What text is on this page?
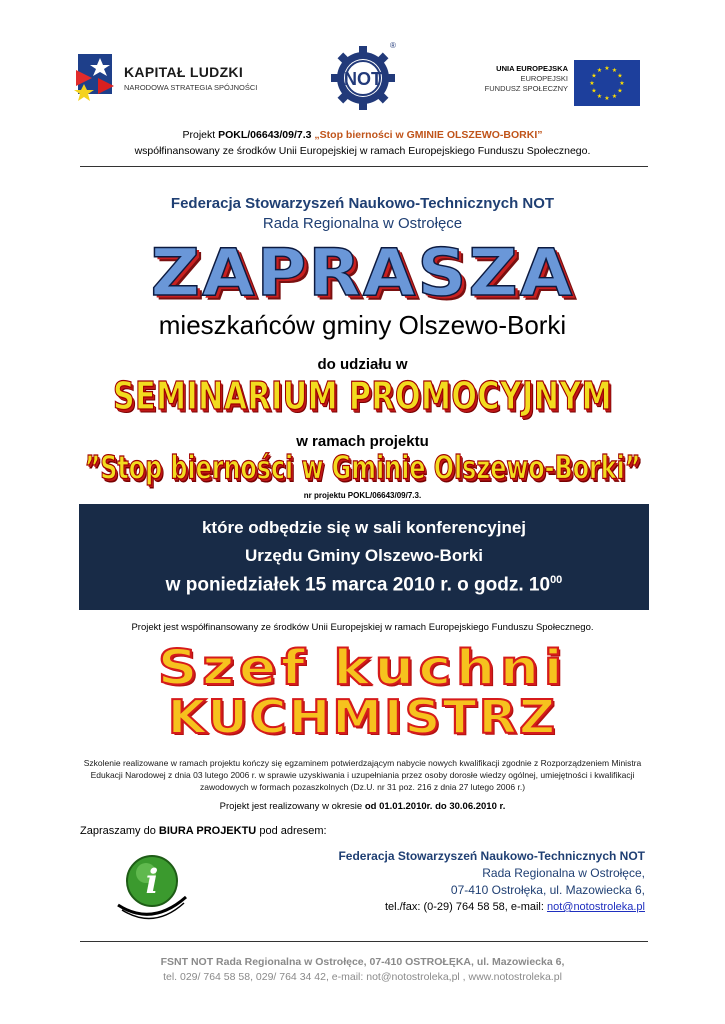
KAPITAŁ LUDZKI
NARODOWA STRATEGIA SPÓJNOŚCI	NOT
®
UNIA EUROPEJSKA
EUROPEJSKI
FUNDUSZ SPOŁECZNY
★ ★
★
★
★
★
★
★
★
★
★
★
Projekt POKL/06643/09/7.3 „Stop bierności w GMINIE OLSZEWO-BORKI”
współfinansowany ze środków Unii Europejskiej w ramach Europejskiego Funduszu Społecznego.
Federacja Stowarzyszeń Naukowo-Technicznych NOT
Rada Regionalna w Ostrołęce
ZAPRASZA
mieszkańców gminy Olszewo-Borki
do udziału w
SEMINARIUM PROMOCYJNYM
w ramach projektu
”Stop bierności w Gminie Olszewo-Borki”
nr projektu POKL/06643/09/7.3.
które odbędzie się w sali konferencyjnej
Urzędu Gminy Olszewo-Borki
w poniedziałek 15 marca 2010 r. o godz. $10^{00}$
Projekt jest współfinansowany ze środków Unii Europejskiej w ramach Europejskiego Funduszu Społecznego.
Szef kuchni
KUCHMISTRZ
Szkolenie realizowane w ramach projektu kończy się egzaminem potwierdzającym nabycie nowych kwalifikacji zgodnie z Rozporządzeniem Ministra Edukacji Narodowej z dnia 03 lutego 2006 r. w sprawie uzyskiwania i uzupełniania przez osoby dorosłe wiedzy ogólnej, umiejętności i kwalifikacji zawodowych w formach pozaszkolnych (Dz.U. nr 31 poz. 216 z dnia 27 lutego 2006 r.)
Projekt jest realizowany w okresie od 01.01.2010r. do 30.06.2010 r.
Zapraszamy do BIURA PROJEKTU pod adresem:
i
Federacja Stowarzyszeń Naukowo-Technicznych NOT
Rada Regionalna w Ostrołęce,
07-410 Ostrołęka, ul. Mazowiecka 6,
tel./fax: (0-29) 764 58 58, e-mail: not@notostroleka.pl
FSNT NOT Rada Regionalna w Ostrołęce, 07-410 OSTROŁĘKA, ul. Mazowiecka 6,
tel. 029/ 764 58 58, 029/ 764 34 42, e-mail: not@notostroleka,pl , www.notostroleka.pl
